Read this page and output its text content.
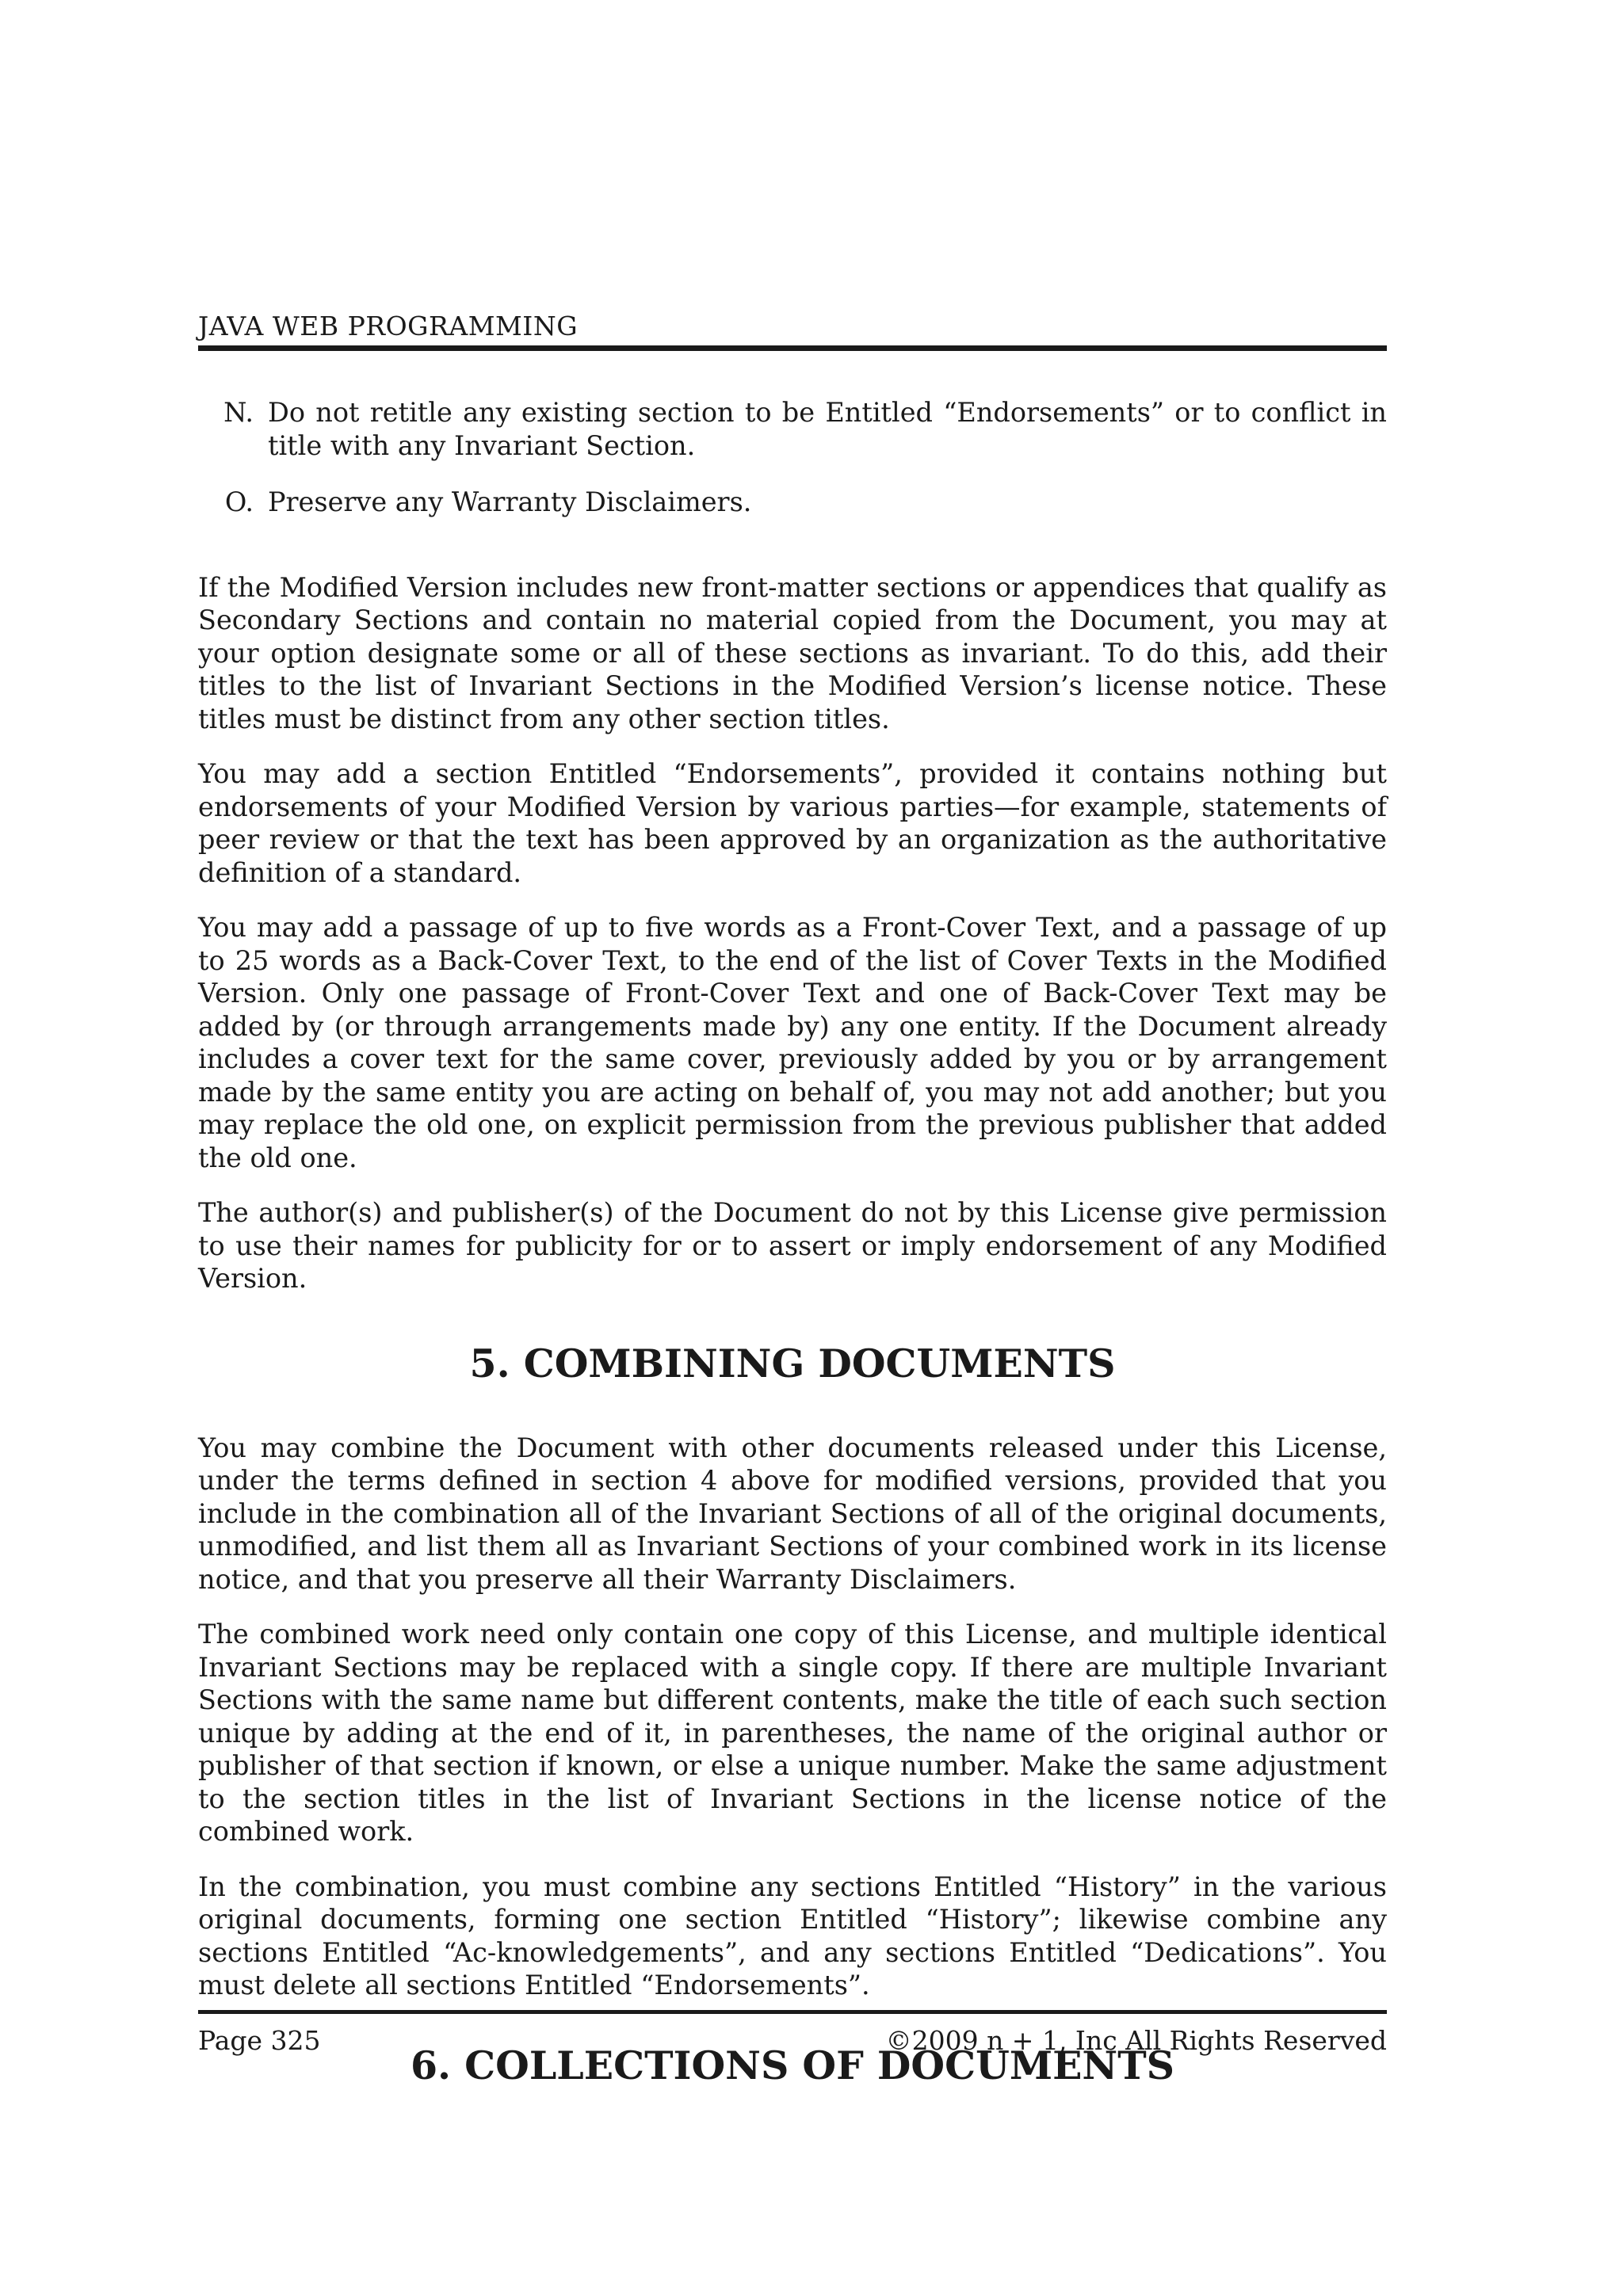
JAVA WEB PROGRAMMING
N. Do not retitle any existing section to be Entitled “Endorsements” or to conflict in title with any Invariant Section.
O. Preserve any Warranty Disclaimers.

If the Modified Version includes new front-matter sections or appendices that qualify as Secondary Sections and contain no material copied from the Document, you may at your option designate some or all of these sections as invariant. To do this, add their titles to the list of Invariant Sections in the Modified Version’s license notice. These titles must be distinct from any other section titles.

You may add a section Entitled “Endorsements”, provided it contains nothing but endorsements of your Modified Version by various parties—for example, statements of peer review or that the text has been approved by an organization as the authoritative definition of a standard.

You may add a passage of up to five words as a Front-Cover Text, and a passage of up to 25 words as a Back-Cover Text, to the end of the list of Cover Texts in the Modified Version. Only one passage of Front-Cover Text and one of Back-Cover Text may be added by (or through arrangements made by) any one entity. If the Document already includes a cover text for the same cover, previously added by you or by arrangement made by the same entity you are acting on behalf of, you may not add another; but you may replace the old one, on explicit permission from the previous publisher that added the old one.

The author(s) and publisher(s) of the Document do not by this License give permission to use their names for publicity for or to assert or imply endorsement of any Modified Version.

5. COMBINING DOCUMENTS

You may combine the Document with other documents released under this License, under the terms defined in section 4 above for modified versions, provided that you include in the combination all of the Invariant Sections of all of the original documents, unmodified, and list them all as Invariant Sections of your combined work in its license notice, and that you preserve all their Warranty Disclaimers.

The combined work need only contain one copy of this License, and multiple identical Invariant Sections may be replaced with a single copy. If there are multiple Invariant Sections with the same name but different contents, make the title of each such section unique by adding at the end of it, in parentheses, the name of the original author or publisher of that section if known, or else a unique number. Make the same adjustment to the section titles in the list of Invariant Sections in the license notice of the combined work.

In the combination, you must combine any sections Entitled “History” in the various original documents, forming one section Entitled “History”; likewise combine any sections Entitled “Ac-knowledgements”, and any sections Entitled “Dedications”. You must delete all sections Entitled “Endorsements”.

6. COLLECTIONS OF DOCUMENTS
Page 325	©2009 n + 1, Inc All Rights Reserved
